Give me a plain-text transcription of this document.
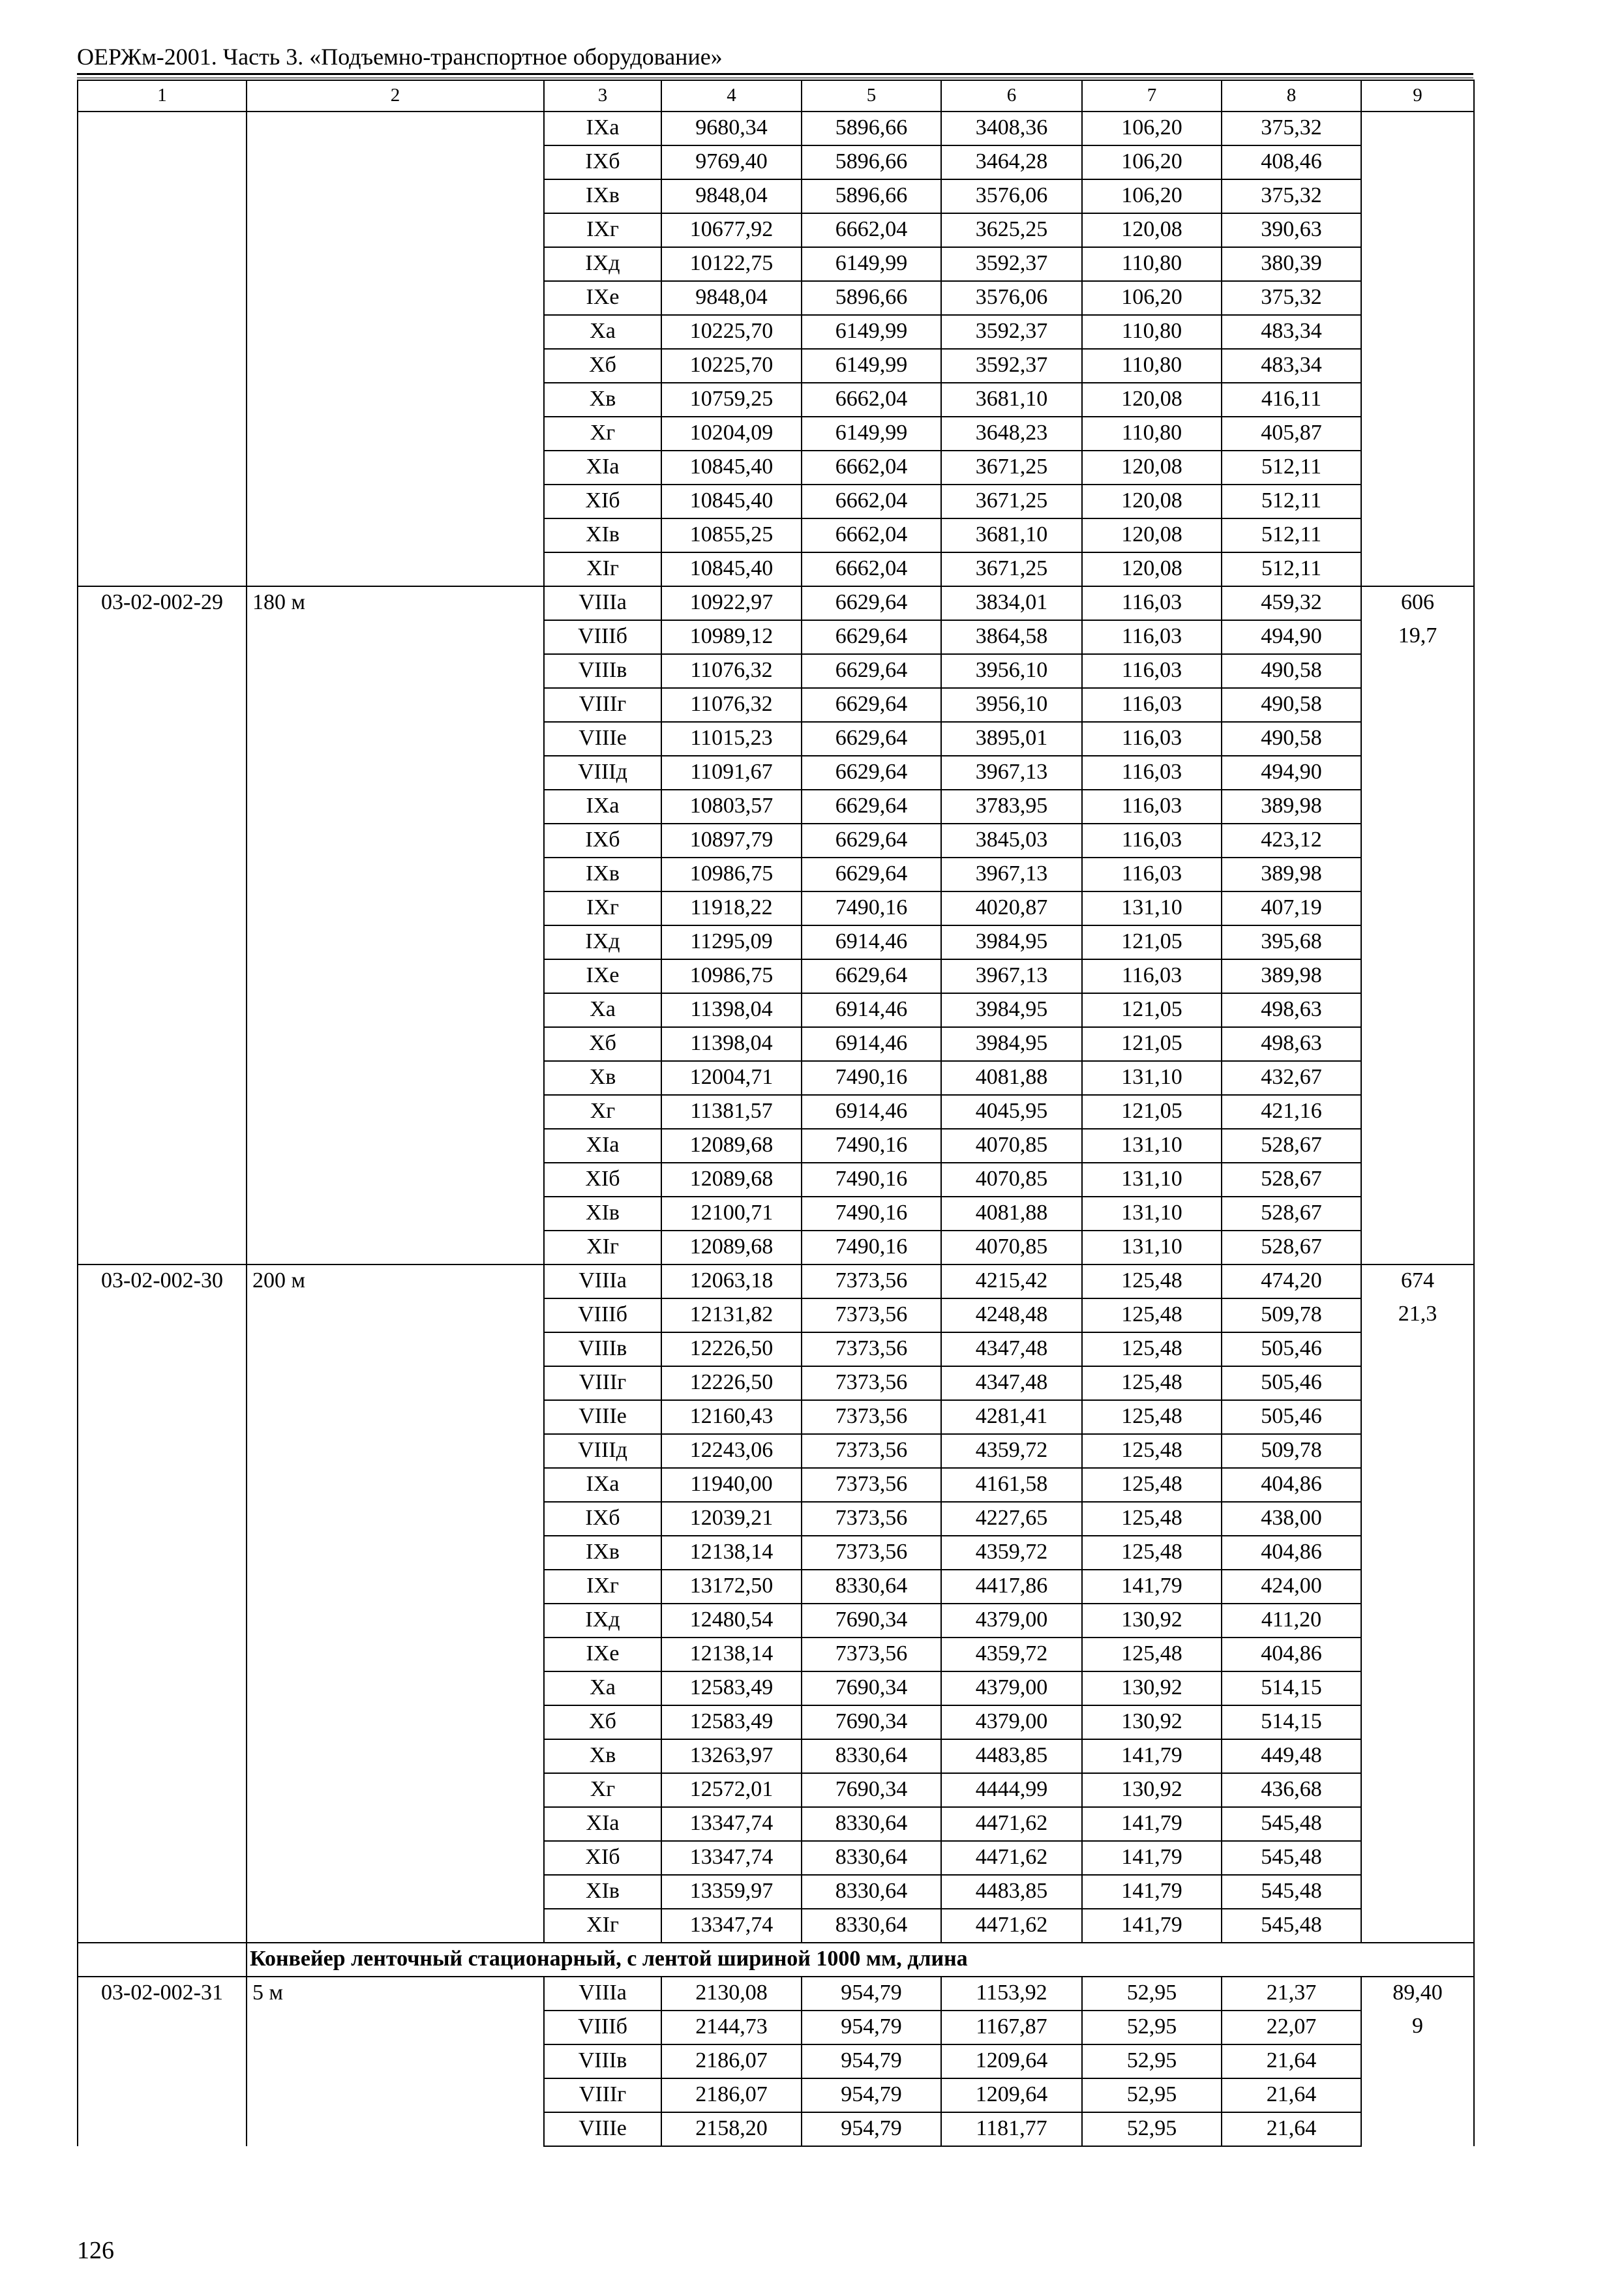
ОЕРЖм-2001. Часть 3. «Подъемно-транспортное оборудование»
1	2	3	4	5	6	7	8	9
		IXa	9680,34	5896,66	3408,36	106,20	375,32	
		IXб	9769,40	5896,66	3464,28	106,20	408,46	
		IXв	9848,04	5896,66	3576,06	106,20	375,32	
		IXг	10677,92	6662,04	3625,25	120,08	390,63	
		IXд	10122,75	6149,99	3592,37	110,80	380,39	
		IXе	9848,04	5896,66	3576,06	106,20	375,32	
		Xa	10225,70	6149,99	3592,37	110,80	483,34	
		Xб	10225,70	6149,99	3592,37	110,80	483,34	
		Xв	10759,25	6662,04	3681,10	120,08	416,11	
		Xг	10204,09	6149,99	3648,23	110,80	405,87	
		XIa	10845,40	6662,04	3671,25	120,08	512,11	
		XIб	10845,40	6662,04	3671,25	120,08	512,11	
		XIв	10855,25	6662,04	3681,10	120,08	512,11	
		XIг	10845,40	6662,04	3671,25	120,08	512,11	
03-02-002-29	180 м	VIIIa	10922,97	6629,64	3834,01	116,03	459,32	606
		VIIIб	10989,12	6629,64	3864,58	116,03	494,90	19,7
		VIIIв	11076,32	6629,64	3956,10	116,03	490,58	
		VIIIг	11076,32	6629,64	3956,10	116,03	490,58	
		VIIIе	11015,23	6629,64	3895,01	116,03	490,58	
		VIIIд	11091,67	6629,64	3967,13	116,03	494,90	
		IXa	10803,57	6629,64	3783,95	116,03	389,98	
		IXб	10897,79	6629,64	3845,03	116,03	423,12	
		IXв	10986,75	6629,64	3967,13	116,03	389,98	
		IXг	11918,22	7490,16	4020,87	131,10	407,19	
		IXд	11295,09	6914,46	3984,95	121,05	395,68	
		IXе	10986,75	6629,64	3967,13	116,03	389,98	
		Xa	11398,04	6914,46	3984,95	121,05	498,63	
		Xб	11398,04	6914,46	3984,95	121,05	498,63	
		Xв	12004,71	7490,16	4081,88	131,10	432,67	
		Xг	11381,57	6914,46	4045,95	121,05	421,16	
		XIa	12089,68	7490,16	4070,85	131,10	528,67	
		XIб	12089,68	7490,16	4070,85	131,10	528,67	
		XIв	12100,71	7490,16	4081,88	131,10	528,67	
		XIг	12089,68	7490,16	4070,85	131,10	528,67	
03-02-002-30	200 м	VIIIa	12063,18	7373,56	4215,42	125,48	474,20	674
		VIIIб	12131,82	7373,56	4248,48	125,48	509,78	21,3
		VIIIв	12226,50	7373,56	4347,48	125,48	505,46	
		VIIIг	12226,50	7373,56	4347,48	125,48	505,46	
		VIIIе	12160,43	7373,56	4281,41	125,48	505,46	
		VIIIд	12243,06	7373,56	4359,72	125,48	509,78	
		IXa	11940,00	7373,56	4161,58	125,48	404,86	
		IXб	12039,21	7373,56	4227,65	125,48	438,00	
		IXв	12138,14	7373,56	4359,72	125,48	404,86	
		IXг	13172,50	8330,64	4417,86	141,79	424,00	
		IXд	12480,54	7690,34	4379,00	130,92	411,20	
		IXе	12138,14	7373,56	4359,72	125,48	404,86	
		Xa	12583,49	7690,34	4379,00	130,92	514,15	
		Xб	12583,49	7690,34	4379,00	130,92	514,15	
		Xв	13263,97	8330,64	4483,85	141,79	449,48	
		Xг	12572,01	7690,34	4444,99	130,92	436,68	
		XIa	13347,74	8330,64	4471,62	141,79	545,48	
		XIб	13347,74	8330,64	4471,62	141,79	545,48	
		XIв	13359,97	8330,64	4483,85	141,79	545,48	
		XIг	13347,74	8330,64	4471,62	141,79	545,48	
	Конвейер ленточный стационарный, с лентой шириной 1000 мм, длина							
03-02-002-31	5 м	VIIIa	2130,08	954,79	1153,92	52,95	21,37	89,40
		VIIIб	2144,73	954,79	1167,87	52,95	22,07	9
		VIIIв	2186,07	954,79	1209,64	52,95	21,64	
		VIIIг	2186,07	954,79	1209,64	52,95	21,64	
		VIIIе	2158,20	954,79	1181,77	52,95	21,64	
126
